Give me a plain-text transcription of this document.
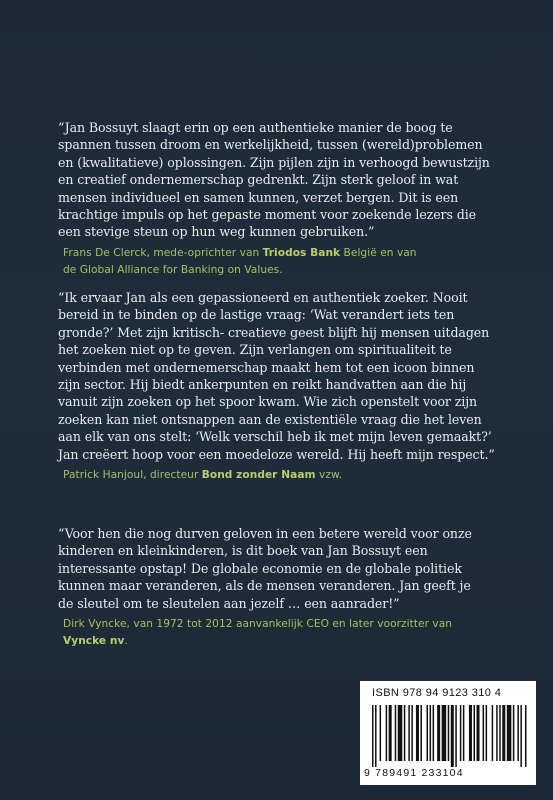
“Jan Bossuyt slaagt erin op een authentieke manier de boog te
spannen tussen droom en werkelijkheid, tussen (wereld)problemen
en (kwalitatieve) oplossingen. Zijn pijlen zijn in verhoogd bewustzijn
en creatief ondernemerschap gedrenkt. Zijn sterk geloof in wat
mensen individueel en samen kunnen, verzet bergen. Dit is een
krachtige impuls op het gepaste moment voor zoekende lezers die
een stevige steun op hun weg kunnen gebruiken.”

Frans De Clerck, mede-oprichter van Triodos Bank België en van
de Global Alliance for Banking on Values.

“Ik ervaar Jan als een gepassioneerd en authentiek zoeker. Nooit
bereid in te binden op de lastige vraag: ‘Wat verandert iets ten
gronde?’ Met zijn kritisch- creatieve geest blijft hij mensen uitdagen
het zoeken niet op te geven. Zijn verlangen om spiritualiteit te
verbinden met ondernemerschap maakt hem tot een icoon binnen
zijn sector. Hij biedt ankerpunten en reikt handvatten aan die hij
vanuit zijn zoeken op het spoor kwam. Wie zich openstelt voor zijn
zoeken kan niet ontsnappen aan de existentiële vraag die het leven
aan elk van ons stelt: ‘Welk verschil heb ik met mijn leven gemaakt?’
Jan creëert hoop voor een moedeloze wereld. Hij heeft mijn respect.”

Patrick Hanjoul, directeur Bond zonder Naam vzw.

“Voor hen die nog durven geloven in een betere wereld voor onze
kinderen en kleinkinderen, is dit boek van Jan Bossuyt een
interessante opstap! De globale economie en de globale politiek
kunnen maar veranderen, als de mensen veranderen. Jan geeft je
de sleutel om te sleutelen aan jezelf … een aanrader!”

Dirk Vyncke, van 1972 tot 2012 aanvankelijk CEO en later voorzitter van
Vyncke nv.

ISBN 978 94 9123 310 4
9 789491 233104
